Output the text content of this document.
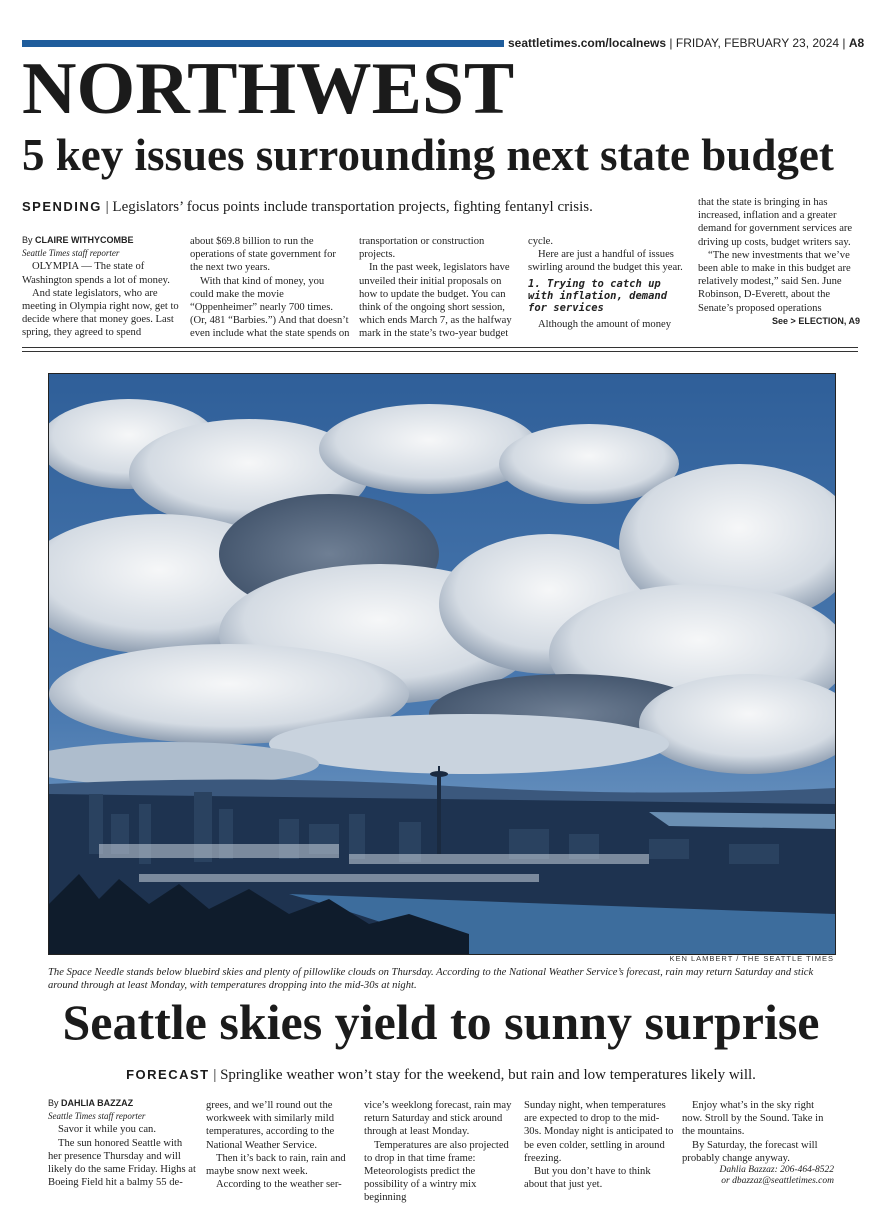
seattletimes.com/localnews | FRIDAY, FEBRUARY 23, 2024 | A8
NORTHWEST
5 key issues surrounding next state budget
SPENDING | Legislators’ focus points include transportation projects, fighting fentanyl crisis.
By CLAIRE WITHYCOMBE
Seattle Times staff reporter

OLYMPIA — The state of Washington spends a lot of money.

And state legislators, who are meeting in Olympia right now, get to decide where that money goes. Last spring, they agreed to spend

about $69.8 billion to run the operations of state government for the next two years.

With that kind of money, you could make the movie “Oppenheimer” nearly 700 times. (Or, 481 “Barbies.”) And that doesn’t even include what the state spends on

transportation or construction projects.

In the past week, legislators have unveiled their initial proposals on how to update the budget. You can think of the ongoing short session, which ends March 7, as the halfway mark in the state’s two-year budget

cycle.

Here are just a handful of issues swirling around the budget this year.

1. Trying to catch up with inflation, demand for services

Although the amount of money

that the state is bringing in has increased, inflation and a greater demand for government services are driving up costs, budget writers say.

“The new investments that we’ve been able to make in this budget are relatively modest,” said Sen. June Robinson, D-Everett, about the Senate’s proposed operations

See > ELECTION, A9
KEN LAMBERT / THE SEATTLE TIMES
The Space Needle stands below bluebird skies and plenty of pillowlike clouds on Thursday. According to the National Weather Service’s forecast, rain may return Saturday and stick around through at least Monday, with temperatures dropping into the mid-30s at night.
Seattle skies yield to sunny surprise
FORECAST | Springlike weather won’t stay for the weekend, but rain and low temperatures likely will.
By DAHLIA BAZZAZ
Seattle Times staff reporter

Savor it while you can.

The sun honored Seattle with her presence Thursday and will likely do the same Friday. Highs at Boeing Field hit a balmy 55 de-

grees, and we’ll round out the workweek with similarly mild temperatures, according to the National Weather Service.

Then it’s back to rain, rain and maybe snow next week.

According to the weather ser-

vice’s weeklong forecast, rain may return Saturday and stick around through at least Monday.

Temperatures are also projected to drop in that time frame: Meteorologists predict the possibility of a wintry mix beginning

Sunday night, when temperatures are expected to drop to the mid-30s. Monday night is anticipated to be even colder, settling in around freezing.

But you don’t have to think about that just yet.

Enjoy what’s in the sky right now. Stroll by the Sound. Take in the mountains.

By Saturday, the forecast will probably change anyway.

Dahlia Bazzaz: 206-464-8522
or dbazzaz@seattletimes.com
